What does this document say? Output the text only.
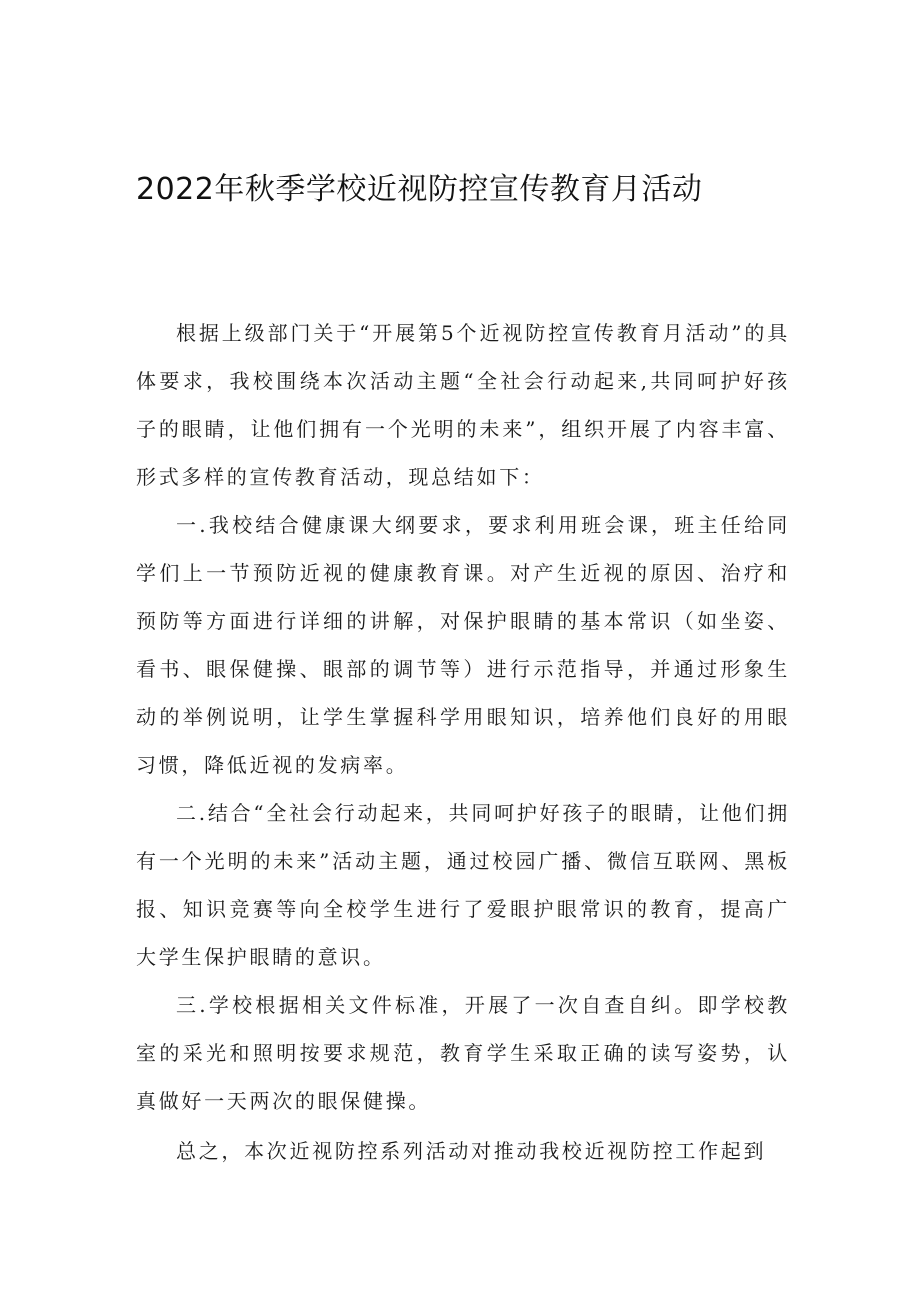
2022年秋季学校近视防控宣传教育月活动

根据上级部门关于“开展第5个近视防控宣传教育月活动”的具体要求，我校围绕本次活动主题“全社会行动起来,共同呵护好孩子的眼睛，让他们拥有一个光明的未来”，组织开展了内容丰富、形式多样的宣传教育活动，现总结如下：

一.我校结合健康课大纲要求，要求利用班会课，班主任给同学们上一节预防近视的健康教育课。对产生近视的原因、治疗和预防等方面进行详细的讲解，对保护眼睛的基本常识（如坐姿、看书、眼保健操、眼部的调节等）进行示范指导，并通过形象生动的举例说明，让学生掌握科学用眼知识，培养他们良好的用眼习惯，降低近视的发病率。

二.结合“全社会行动起来，共同呵护好孩子的眼睛，让他们拥有一个光明的未来”活动主题，通过校园广播、微信互联网、黑板报、知识竞赛等向全校学生进行了爱眼护眼常识的教育，提高广大学生保护眼睛的意识。

三.学校根据相关文件标准，开展了一次自查自纠。即学校教室的采光和照明按要求规范，教育学生采取正确的读写姿势，认真做好一天两次的眼保健操。

总之，本次近视防控系列活动对推动我校近视防控工作起到
